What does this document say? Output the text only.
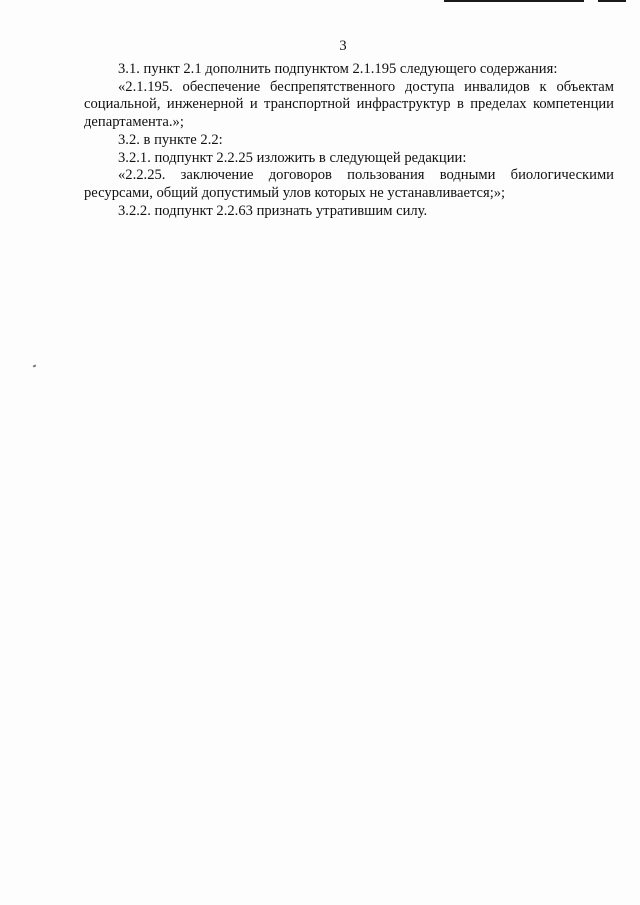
3

3.1. пункт 2.1 дополнить подпунктом 2.1.195 следующего содержания:

«2.1.195. обеспечение беспрепятственного доступа инвалидов к объектам социальной, инженерной и транспортной инфраструктур в пределах компетенции департамента.»;

3.2. в пункте 2.2:

3.2.1. подпункт 2.2.25 изложить в следующей редакции:

«2.2.25. заключение договоров пользования водными биологическими ресурсами, общий допустимый улов которых не устанавливается;»;

3.2.2. подпункт 2.2.63 признать утратившим силу.
